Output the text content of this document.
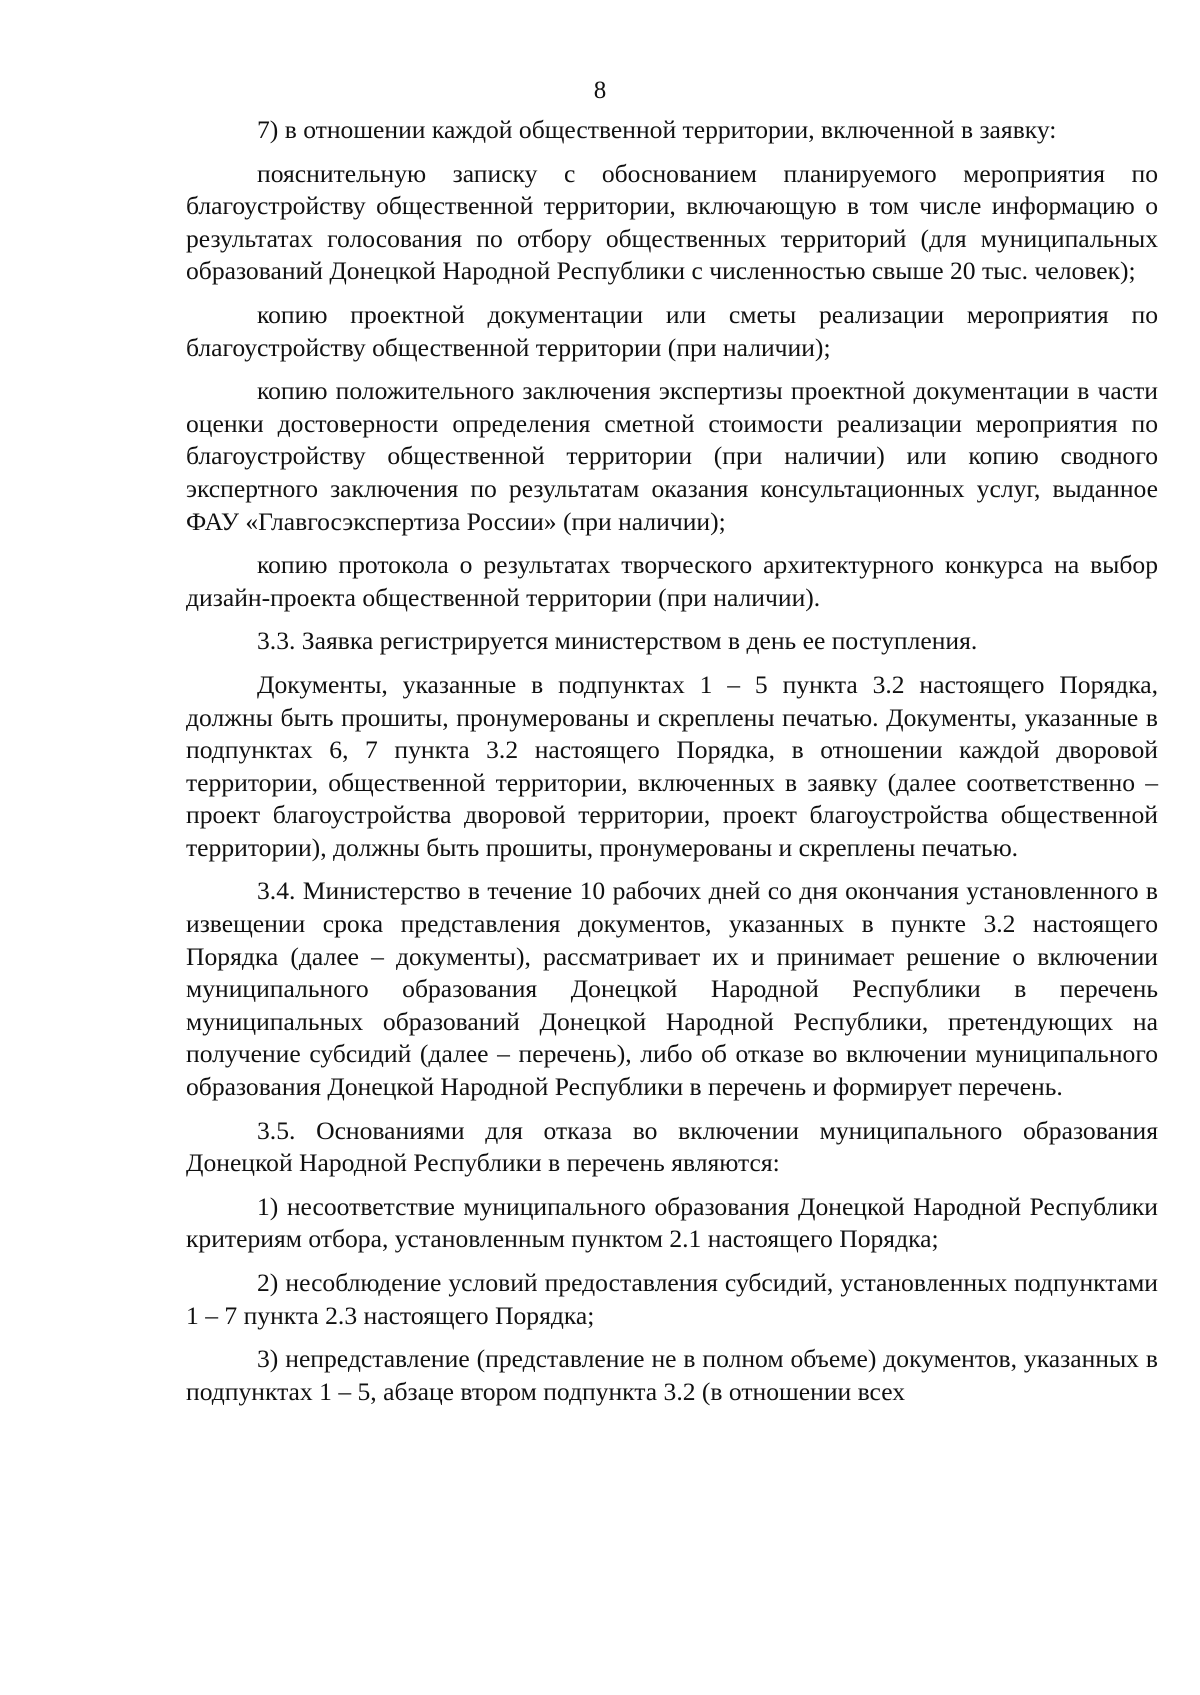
8

7) в отношении каждой общественной территории, включенной в заявку:

пояснительную записку с обоснованием планируемого мероприятия по благоустройству общественной территории, включающую в том числе информацию о результатах голосования по отбору общественных территорий (для муниципальных образований Донецкой Народной Республики с численностью свыше 20 тыс. человек);

копию проектной документации или сметы реализации мероприятия по благоустройству общественной территории (при наличии);

копию положительного заключения экспертизы проектной документации в части оценки достоверности определения сметной стоимости реализации мероприятия по благоустройству общественной территории (при наличии) или копию сводного экспертного заключения по результатам оказания консультационных услуг, выданное ФАУ «Главгосэкспертиза России» (при наличии);

копию протокола о результатах творческого архитектурного конкурса на выбор дизайн-проекта общественной территории (при наличии).

3.3. Заявка регистрируется министерством в день ее поступления.

Документы, указанные в подпунктах 1 – 5 пункта 3.2 настоящего Порядка, должны быть прошиты, пронумерованы и скреплены печатью. Документы, указанные в подпунктах 6, 7 пункта 3.2 настоящего Порядка, в отношении каждой дворовой территории, общественной территории, включенных в заявку (далее соответственно – проект благоустройства дворовой территории, проект благоустройства общественной территории), должны быть прошиты, пронумерованы и скреплены печатью.

3.4. Министерство в течение 10 рабочих дней со дня окончания установленного в извещении срока представления документов, указанных в пункте 3.2 настоящего Порядка (далее – документы), рассматривает их и принимает решение о включении муниципального образования Донецкой Народной Республики в перечень муниципальных образований Донецкой Народной Республики, претендующих на получение субсидий (далее – перечень), либо об отказе во включении муниципального образования Донецкой Народной Республики в перечень и формирует перечень.

3.5. Основаниями для отказа во включении муниципального образования Донецкой Народной Республики в перечень являются:

1) несоответствие муниципального образования Донецкой Народной Республики критериям отбора, установленным пунктом 2.1 настоящего Порядка;

2) несоблюдение условий предоставления субсидий, установленных подпунктами 1 – 7 пункта 2.3 настоящего Порядка;

3) непредставление (представление не в полном объеме) документов, указанных в подпунктах 1 – 5, абзаце втором подпункта 3.2 (в отношении всех
